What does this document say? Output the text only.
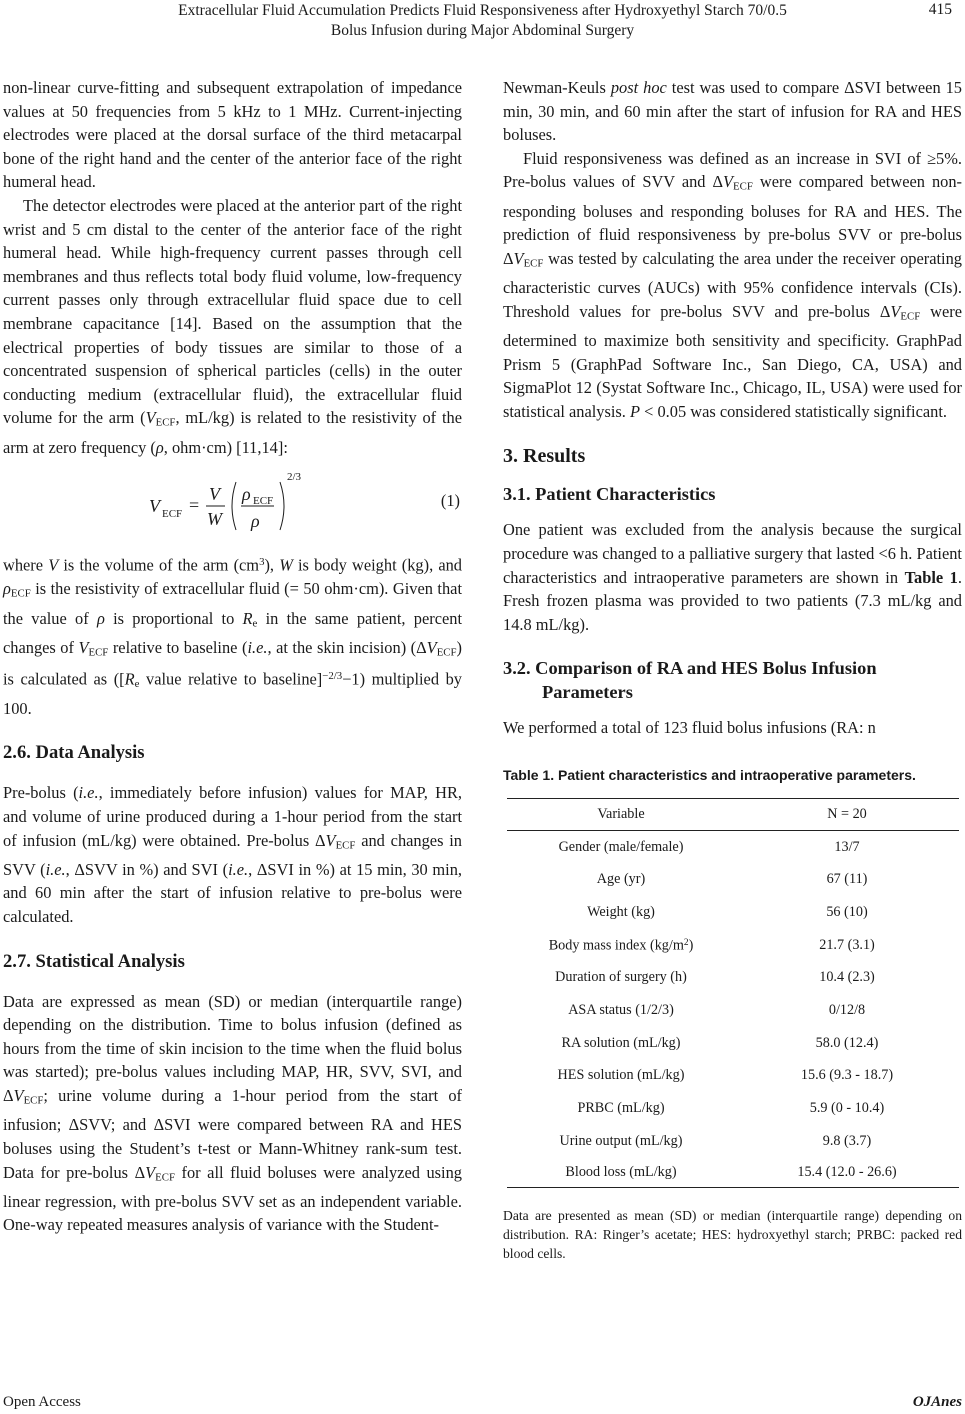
Extracellular Fluid Accumulation Predicts Fluid Responsiveness after Hydroxyethyl Starch 70/0.5
Bolus Infusion during Major Abdominal Surgery
415
non-linear curve-fitting and subsequent extrapolation of impedance values at 50 frequencies from 5 kHz to 1 MHz. Current-injecting electrodes were placed at the dorsal surface of the third metacarpal bone of the right hand and the center of the anterior face of the right humeral head.
The detector electrodes were placed at the anterior part of the right wrist and 5 cm distal to the center of the anterior face of the right humeral head. While high-frequency current passes through cell membranes and thus reflects total body fluid volume, low-frequency current passes only through extracellular fluid space due to cell membrane capacitance [14]. Based on the assumption that the electrical properties of body tissues are similar to those of a concentrated suspension of spherical particles (cells) in the outer conducting medium (extracellular fluid), the extracellular fluid volume for the arm ($V_{ECF}$, mL/kg) is related to the resistivity of the arm at zero frequency (ρ, ohm·cm) [11,14]:
V ECF =
V
W
ρ ECF
ρ
2/3
(1)
where V is the volume of the arm $(cm^3)$, W is body weight (kg), and $\rho_{ECF}$ is the resistivity of extracellular fluid (= 50 ohm·cm). Given that the value of ρ is proportional to $R_e$ in the same patient, percent changes of $V_{ECF}$ relative to baseline (i.e., at the skin incision) $(\Delta V_{ECF})$ is calculated as ([$R_e$ value relative to baseline]$^{-2/3}$−1) multiplied by 100.
2.6. Data Analysis
Pre-bolus (i.e., immediately before infusion) values for MAP, HR, and volume of urine produced during a 1-hour period from the start of infusion (mL/kg) were obtained. Pre-bolus $\Delta V_{ECF}$ and changes in SVV (i.e., ΔSVV in %) and SVI (i.e., ΔSVI in %) at 15 min, 30 min, and 60 min after the start of infusion relative to pre-bolus were calculated.
2.7. Statistical Analysis
Data are expressed as mean (SD) or median (interquartile range) depending on the distribution. Time to bolus infusion (defined as hours from the time of skin incision to the time when the fluid bolus was started); pre-bolus values including MAP, HR, SVV, SVI, and $\Delta V_{ECF}$; urine volume during a 1-hour period from the start of infusion; ΔSVV; and ΔSVI were compared between RA and HES boluses using the Student’s t-test or Mann-Whitney rank-sum test. Data for pre-bolus $\Delta V_{ECF}$ for all fluid boluses were analyzed using linear regression, with pre-bolus SVV set as an independent variable. One-way repeated measures analysis of variance with the Student-
Newman-Keuls post hoc test was used to compare ΔSVI between 15 min, 30 min, and 60 min after the start of infusion for RA and HES boluses.
Fluid responsiveness was defined as an increase in SVI of ≥5%. Pre-bolus values of SVV and $\Delta V_{ECF}$ were compared between non-responding boluses and responding boluses for RA and HES. The prediction of fluid responsiveness by pre-bolus SVV or pre-bolus $\Delta V_{ECF}$ was tested by calculating the area under the receiver operating characteristic curves (AUCs) with 95% confidence intervals (CIs). Threshold values for pre-bolus SVV and pre-bolus $\Delta V_{ECF}$ were determined to maximize both sensitivity and specificity. GraphPad Prism 5 (GraphPad Software Inc., San Diego, CA, USA) and SigmaPlot 12 (Systat Software Inc., Chicago, IL, USA) were used for statistical analysis. P < 0.05 was considered statistically significant.
3. Results
3.1. Patient Characteristics
One patient was excluded from the analysis because the surgical procedure was changed to a palliative surgery that lasted <6 h. Patient characteristics and intraoperative parameters are shown in Table 1. Fresh frozen plasma was provided to two patients (7.3 mL/kg and 14.8 mL/kg).
3.2. Comparison of RA and HES Bolus Infusion Parameters
We performed a total of 123 fluid bolus infusions (RA: n
Table 1. Patient characteristics and intraoperative parameters.
Variable	N = 20
Gender (male/female)	13/7
Age (yr)	67 (11)
Weight (kg)	56 (10)
Body mass index $(kg/m^2)$	21.7 (3.1)
Duration of surgery (h)	10.4 (2.3)
ASA status (1/2/3)	0/12/8
RA solution (mL/kg)	58.0 (12.4)
HES solution (mL/kg)	15.6 (9.3 - 18.7)
PRBC (mL/kg)	5.9 (0 - 10.4)
Urine output (mL/kg)	9.8 (3.7)
Blood loss (mL/kg)	15.4 (12.0 - 26.6)
Data are presented as mean (SD) or median (interquartile range) depending on distribution. RA: Ringer’s acetate; HES: hydroxyethyl starch; PRBC: packed red blood cells.
Open Access	OJAnes
